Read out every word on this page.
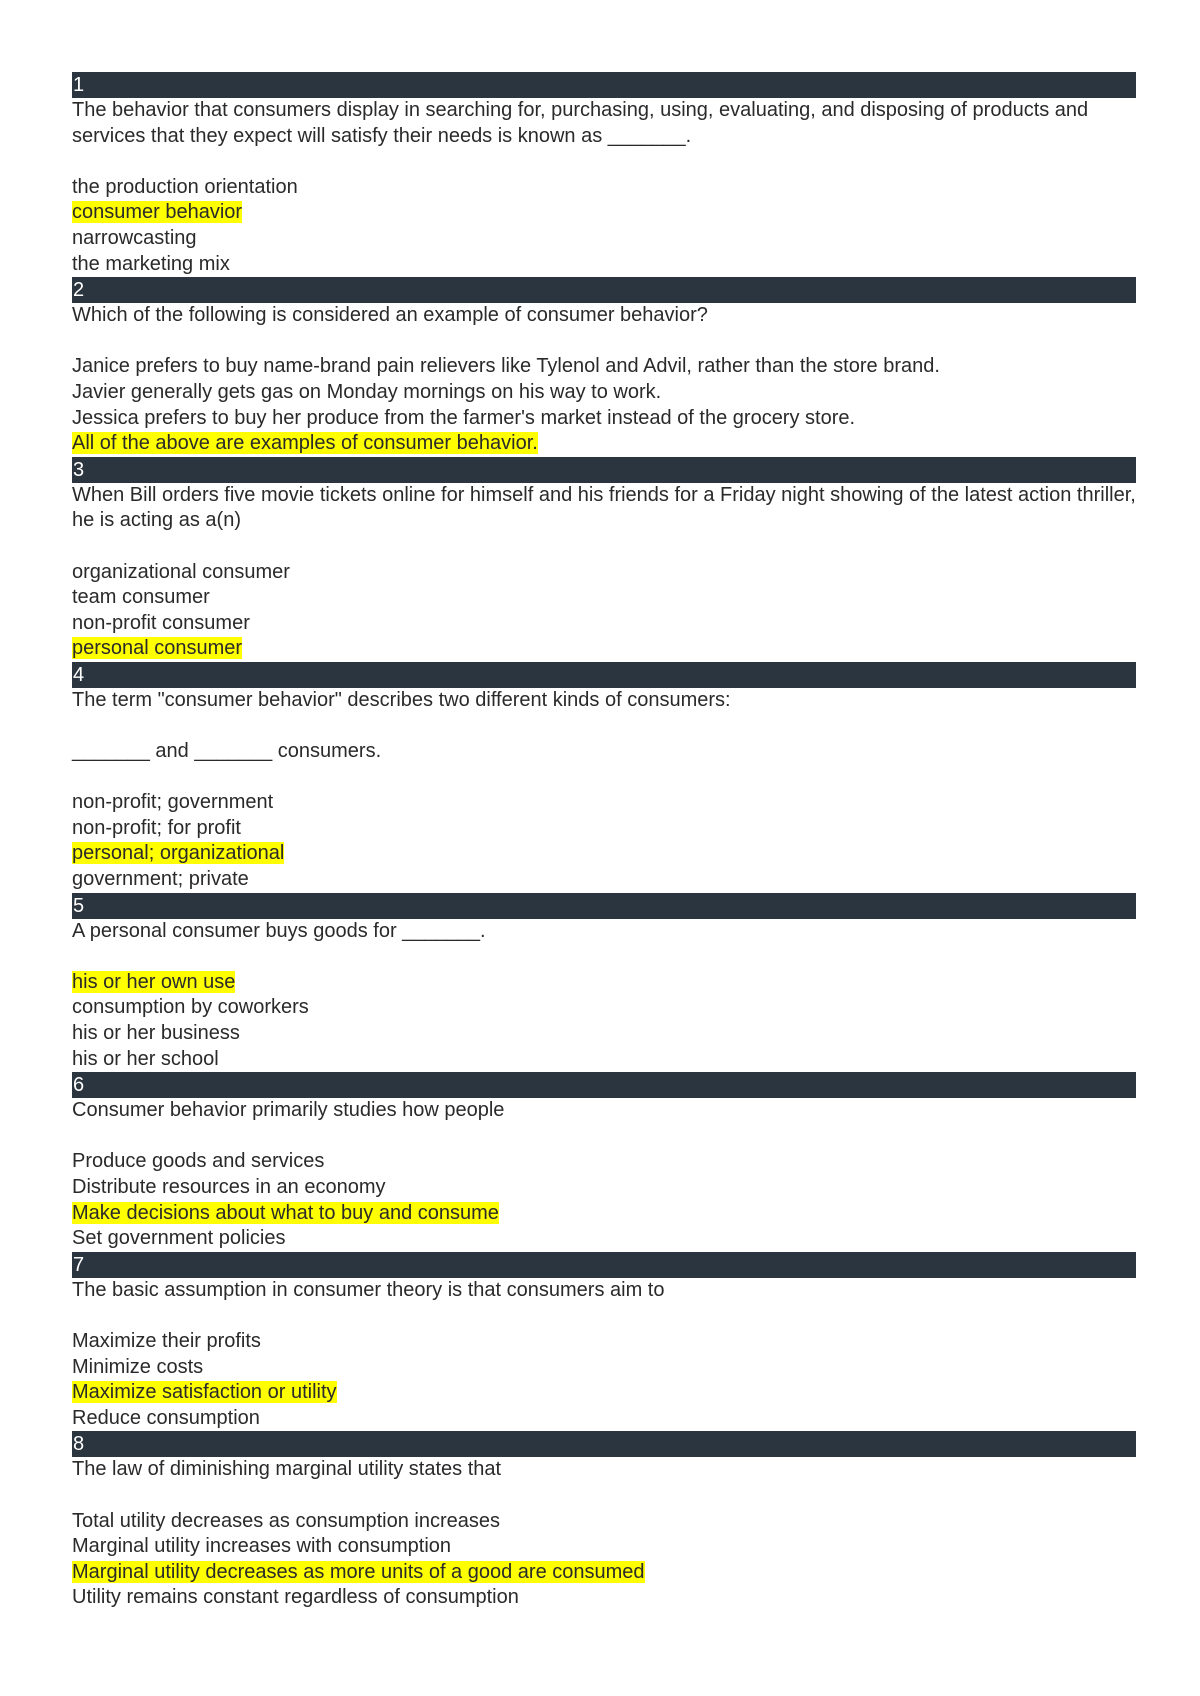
1
The behavior that consumers display in searching for, purchasing, using, evaluating, and disposing of products and services that they expect will satisfy their needs is known as _______.
the production orientation
consumer behavior
narrowcasting
the marketing mix
2
Which of the following is considered an example of consumer behavior?
Janice prefers to buy name-brand pain relievers like Tylenol and Advil, rather than the store brand.
Javier generally gets gas on Monday mornings on his way to work.
Jessica prefers to buy her produce from the farmer's market instead of the grocery store.
All of the above are examples of consumer behavior.
3
When Bill orders five movie tickets online for himself and his friends for a Friday night showing of the latest action thriller, he is acting as a(n)
organizational consumer
team consumer
non-profit consumer
personal consumer
4
The term "consumer behavior" describes two different kinds of consumers:
_______ and _______ consumers.
non-profit; government
non-profit; for profit
personal; organizational
government; private
5
A personal consumer buys goods for _______.
his or her own use
consumption by coworkers
his or her business
his or her school
6
Consumer behavior primarily studies how people
Produce goods and services
Distribute resources in an economy
Make decisions about what to buy and consume
Set government policies
7
The basic assumption in consumer theory is that consumers aim to
Maximize their profits
Minimize costs
Maximize satisfaction or utility
Reduce consumption
8
The law of diminishing marginal utility states that
Total utility decreases as consumption increases
Marginal utility increases with consumption
Marginal utility decreases as more units of a good are consumed
Utility remains constant regardless of consumption
